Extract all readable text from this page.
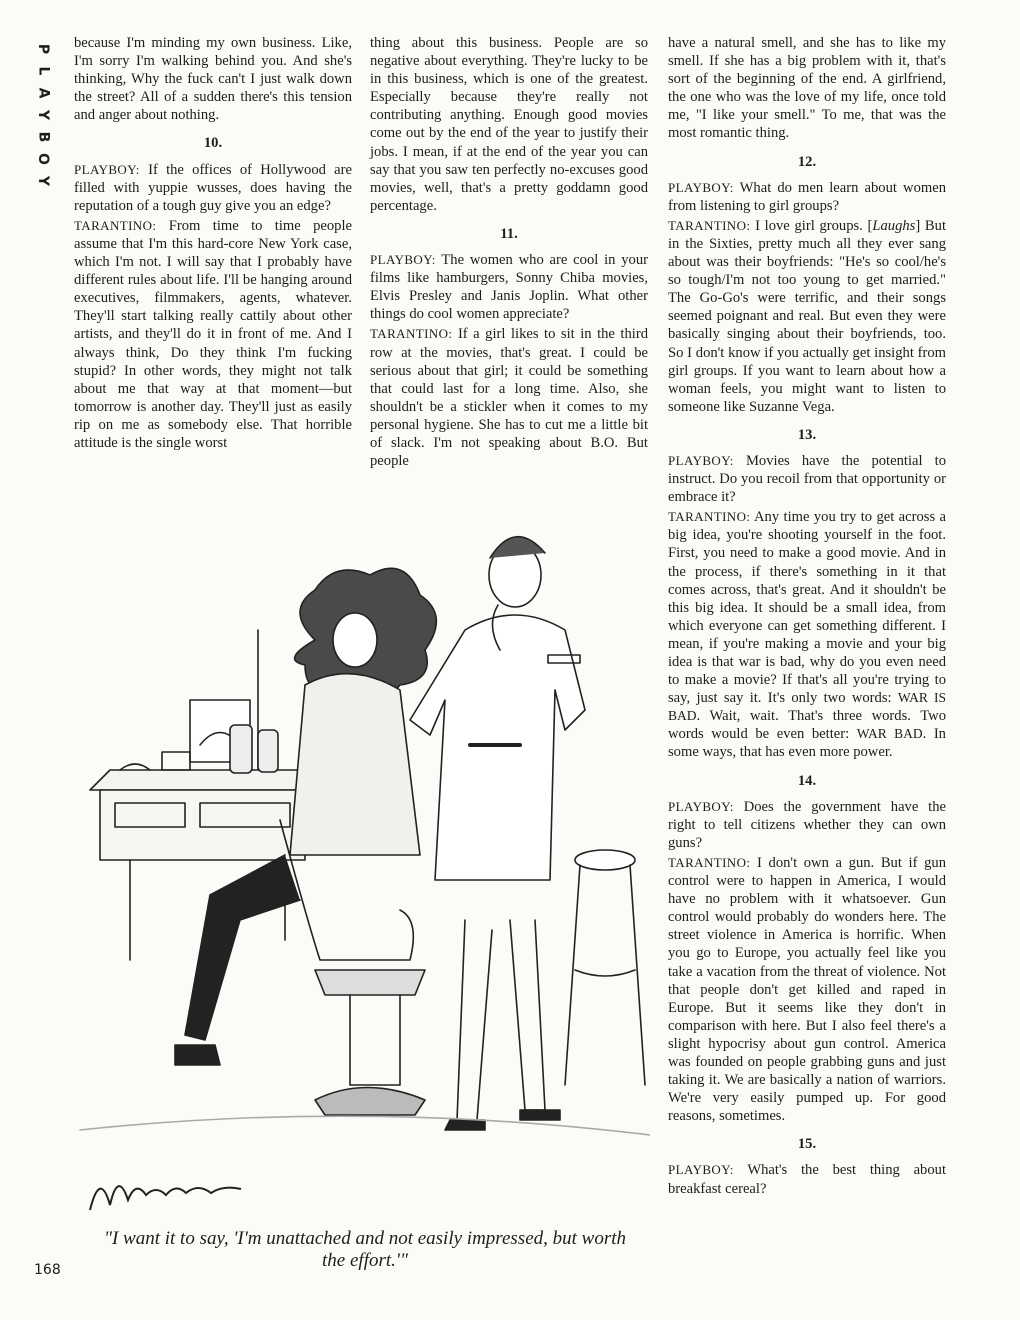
P
L
A
Y
B
O
Y

because I'm minding my own business. Like, I'm sorry I'm walking behind you. And she's thinking, Why the fuck can't I just walk down the street? All of a sudden there's this tension and anger about nothing.

10.

PLAYBOY: If the offices of Hollywood are filled with yuppie wusses, does having the reputation of a tough guy give you an edge?

TARANTINO: From time to time people assume that I'm this hard-core New York case, which I'm not. I will say that I probably have different rules about life. I'll be hanging around executives, filmmakers, agents, whatever. They'll start talking really cattily about other artists, and they'll do it in front of me. And I always think, Do they think I'm fucking stupid? In other words, they might not talk about me that way at that moment—but tomorrow is another day. They'll just as easily rip on me as somebody else. That horrible attitude is the single worst

thing about this business. People are so negative about everything. They're lucky to be in this business, which is one of the greatest. Especially because they're really not contributing anything. Enough good movies come out by the end of the year to justify their jobs. I mean, if at the end of the year you can say that you saw ten perfectly no-excuses good movies, well, that's a pretty goddamn good percentage.

11.

PLAYBOY: The women who are cool in your films like hamburgers, Sonny Chiba movies, Elvis Presley and Janis Joplin. What other things do cool women appreciate?

TARANTINO: If a girl likes to sit in the third row at the movies, that's great. I could be serious about that girl; it could be something that could last for a long time. Also, she shouldn't be a stickler when it comes to my personal hygiene. She has to cut me a little bit of slack. I'm not speaking about B.O. But people

have a natural smell, and she has to like my smell. If she has a big problem with it, that's sort of the beginning of the end. A girlfriend, the one who was the love of my life, once told me, "I like your smell." To me, that was the most romantic thing.

12.

PLAYBOY: What do men learn about women from listening to girl groups?

TARANTINO: I love girl groups. [Laughs] But in the Sixties, pretty much all they ever sang about was their boyfriends: "He's so cool/he's so tough/I'm not too young to get married." The Go-Go's were terrific, and their songs seemed poignant and real. But even they were basically singing about their boyfriends, too. So I don't know if you actually get insight from girl groups. If you want to learn about how a woman feels, you might want to listen to someone like Suzanne Vega.

13.

PLAYBOY: Movies have the potential to instruct. Do you recoil from that opportunity or embrace it?

TARANTINO: Any time you try to get across a big idea, you're shooting yourself in the foot. First, you need to make a good movie. And in the process, if there's something in it that comes across, that's great. And it shouldn't be this big idea. It should be a small idea, from which everyone can get something different. I mean, if you're making a movie and your big idea is that war is bad, why do you even need to make a movie? If that's all you're trying to say, just say it. It's only two words: WAR IS BAD. Wait, wait. That's three words. Two words would be even better: WAR BAD. In some ways, that has even more power.

14.

PLAYBOY: Does the government have the right to tell citizens whether they can own guns?

TARANTINO: I don't own a gun. But if gun control were to happen in America, I would have no problem with it whatsoever. Gun control would probably do wonders here. The street violence in America is horrific. When you go to Europe, you actually feel like you take a vacation from the threat of violence. Not that people don't get killed and raped in Europe. But it seems like they don't in comparison with here. But I also feel there's a slight hypocrisy about gun control. America was founded on people grabbing guns and just taking it. We are basically a nation of warriors. We're very easily pumped up. For good reasons, sometimes.

15.

PLAYBOY: What's the best thing about breakfast cereal?

"I want it to say, 'I'm unattached and not easily impressed, but worth the effort.'"
168
